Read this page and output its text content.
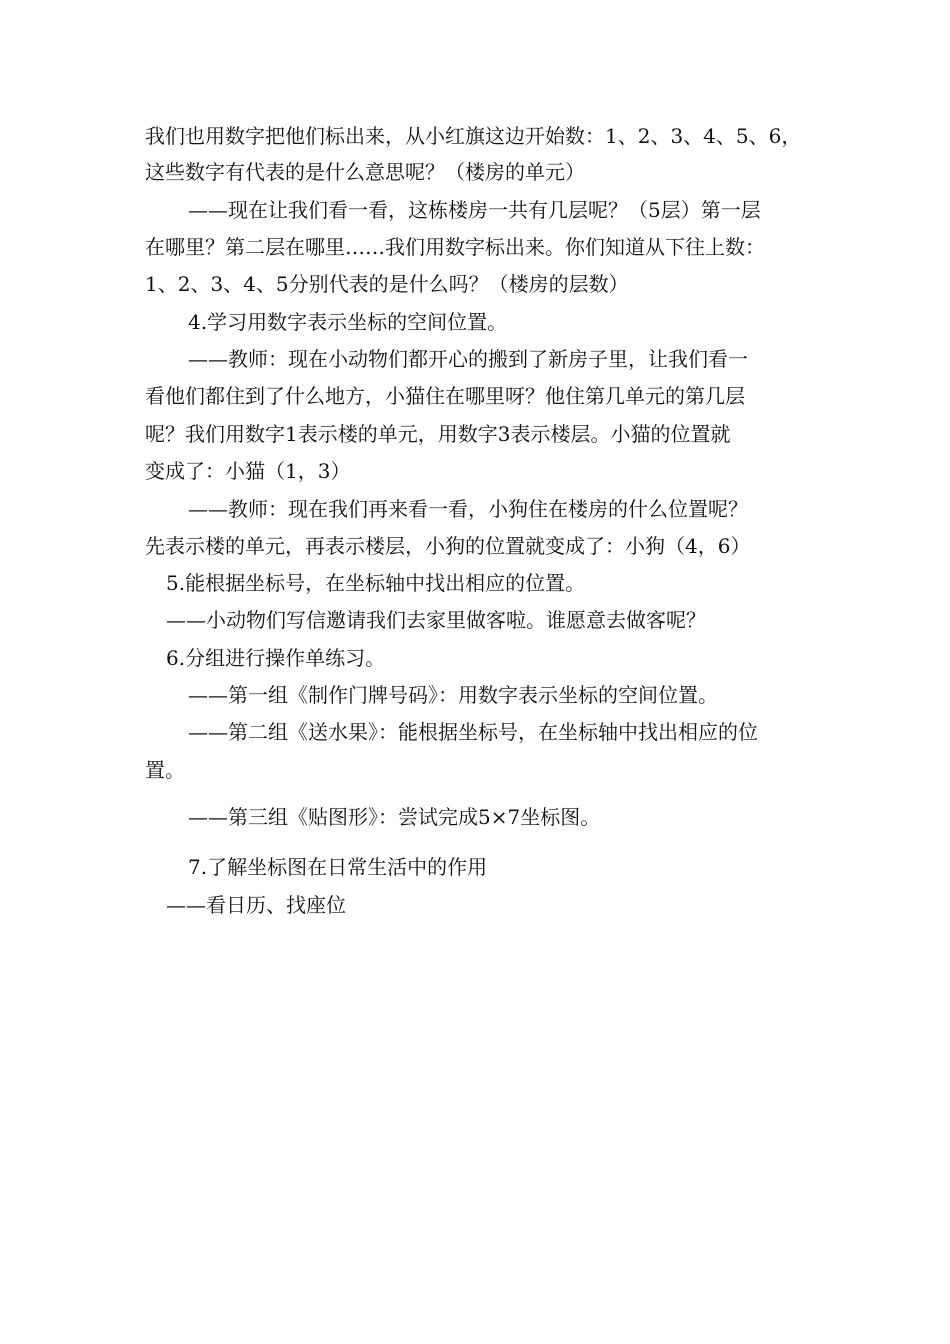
我们也用数字把他们标出来，从小红旗这边开始数：1、2、3、4、5、6，
这些数字有代表的是什么意思呢？（楼房的单元）
——现在让我们看一看，这栋楼房一共有几层呢？（5层）第一层
在哪里？第二层在哪里……我们用数字标出来。你们知道从下往上数：
1、2、3、4、5分别代表的是什么吗？（楼房的层数）
4.学习用数字表示坐标的空间位置。
——教师：现在小动物们都开心的搬到了新房子里，让我们看一
看他们都住到了什么地方，小猫住在哪里呀？他住第几单元的第几层
呢？我们用数字1表示楼的单元，用数字3表示楼层。小猫的位置就
变成了：小猫（1，3）
——教师：现在我们再来看一看，小狗住在楼房的什么位置呢？
先表示楼的单元，再表示楼层，小狗的位置就变成了：小狗（4，6）
5.能根据坐标号，在坐标轴中找出相应的位置。
——小动物们写信邀请我们去家里做客啦。谁愿意去做客呢？
6.分组进行操作单练习。
——第一组《制作门牌号码》：用数字表示坐标的空间位置。
——第二组《送水果》：能根据坐标号，在坐标轴中找出相应的位
置。
——第三组《贴图形》：尝试完成5×7坐标图。
7.了解坐标图在日常生活中的作用
——看日历、找座位
